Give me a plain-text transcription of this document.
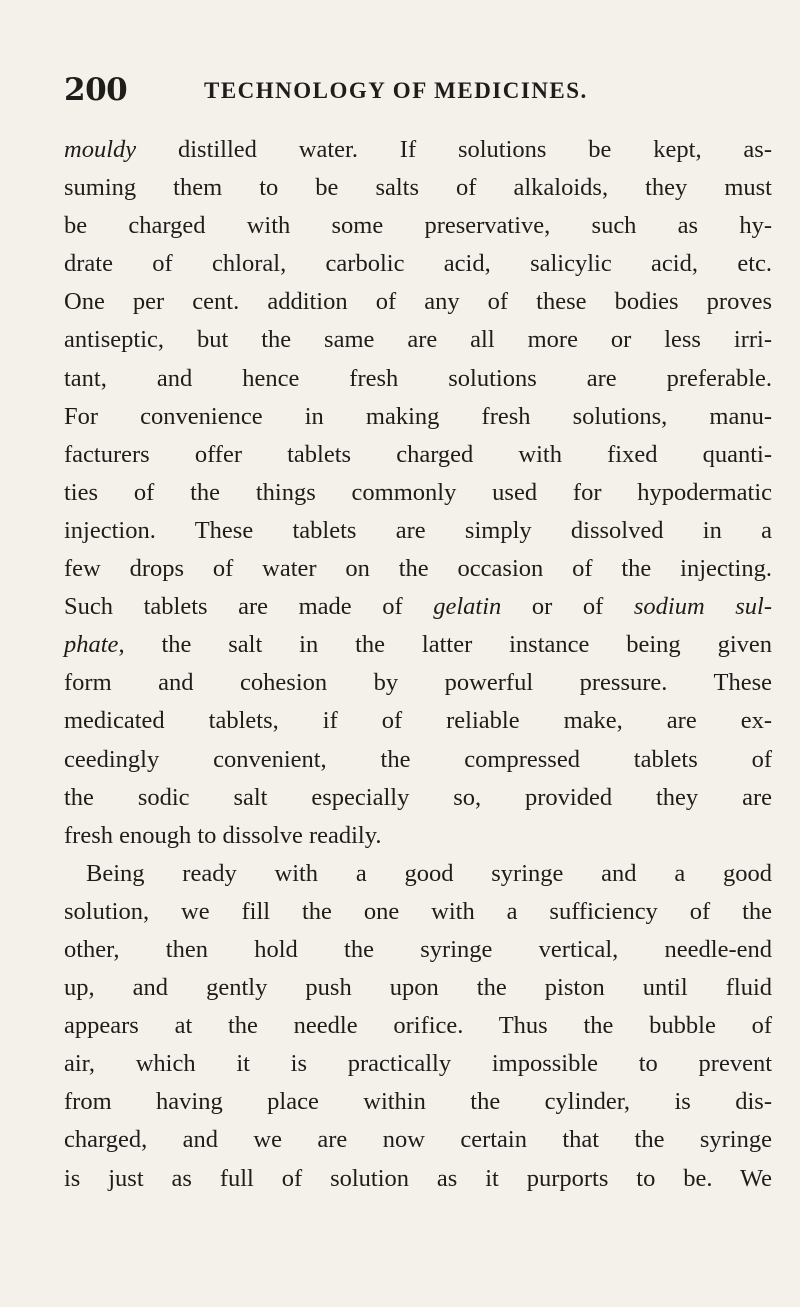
200	TECHNOLOGY OF MEDICINES.
mouldy distilled water. If solutions be kept, as-
suming them to be salts of alkaloids, they must
be charged with some preservative, such as hy-
drate of chloral, carbolic acid, salicylic acid, etc.
One per cent. addition of any of these bodies proves
antiseptic, but the same are all more or less irri-
tant, and hence fresh solutions are preferable.
For convenience in making fresh solutions, manu-
facturers offer tablets charged with fixed quanti-
ties of the things commonly used for hypodermatic
injection. These tablets are simply dissolved in a
few drops of water on the occasion of the injecting.
Such tablets are made of gelatin or of sodium sul-
phate, the salt in the latter instance being given
form and cohesion by powerful pressure. These
medicated tablets, if of reliable make, are ex-
ceedingly convenient, the compressed tablets of
the sodic salt especially so, provided they are
fresh enough to dissolve readily.
Being ready with a good syringe and a good
solution, we fill the one with a sufficiency of the
other, then hold the syringe vertical, needle-end
up, and gently push upon the piston until fluid
appears at the needle orifice. Thus the bubble of
air, which it is practically impossible to prevent
from having place within the cylinder, is dis-
charged, and we are now certain that the syringe
is just as full of solution as it purports to be. We
